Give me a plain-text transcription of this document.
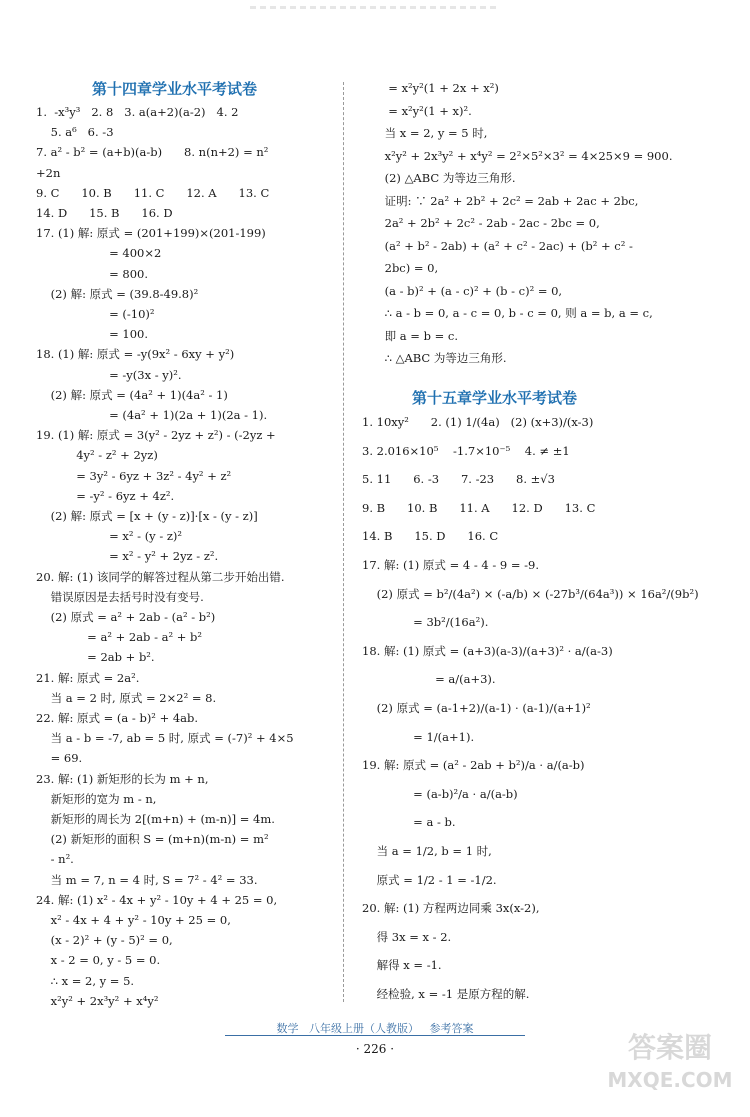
第十四章学业水平考试卷
1.  -x³y³   2. 8   3. a(a+2)(a-2)   4. 2
5. a⁶   6. -3
7. a² - b² = (a+b)(a-b)      8. n(n+2) = n²
+2n
9. C      10. B      11. C      12. A      13. C
14. D      15. B      16. D
17. (1) 解: 原式 = (201+199)×(201-199)
= 400×2
= 800.
(2) 解: 原式 = (39.8-49.8)²
= (-10)²
= 100.
18. (1) 解: 原式 = -y(9x² - 6xy + y²)
= -y(3x - y)².
(2) 解: 原式 = (4a² + 1)(4a² - 1)
= (4a² + 1)(2a + 1)(2a - 1).
19. (1) 解: 原式 = 3(y² - 2yz + z²) - (-2yz +
4y² - z² + 2yz)
= 3y² - 6yz + 3z² - 4y² + z²
= -y² - 6yz + 4z².
(2) 解: 原式 = [x + (y - z)]·[x - (y - z)]
= x² - (y - z)²
= x² - y² + 2yz - z².
20. 解: (1) 该同学的解答过程从第二步开始出错.
错误原因是去括号时没有变号.
(2) 原式 = a² + 2ab - (a² - b²)
= a² + 2ab - a² + b²
= 2ab + b².
21. 解: 原式 = 2a².
当 a = 2 时, 原式 = 2×2² = 8.
22. 解: 原式 = (a - b)² + 4ab.
当 a - b = -7, ab = 5 时, 原式 = (-7)² + 4×5
= 69.
23. 解: (1) 新矩形的长为 m + n,
新矩形的宽为 m - n,
新矩形的周长为 2[(m+n) + (m-n)] = 4m.
(2) 新矩形的面积 S = (m+n)(m-n) = m²
- n².
当 m = 7, n = 4 时, S = 7² - 4² = 33.
24. 解: (1) x² - 4x + y² - 10y + 4 + 25 = 0,
x² - 4x + 4 + y² - 10y + 25 = 0,
(x - 2)² + (y - 5)² = 0,
x - 2 = 0, y - 5 = 0.
∴ x = 2, y = 5.
x²y² + 2x³y² + x⁴y²
= x²y²(1 + 2x + x²)
= x²y²(1 + x)².
当 x = 2, y = 5 时,
x²y² + 2x³y² + x⁴y² = 2²×5²×3² = 4×25×9 = 900.
(2) △ABC 为等边三角形.
证明: ∵ 2a² + 2b² + 2c² = 2ab + 2ac + 2bc,
2a² + 2b² + 2c² - 2ab - 2ac - 2bc = 0,
(a² + b² - 2ab) + (a² + c² - 2ac) + (b² + c² -
2bc) = 0,
(a - b)² + (a - c)² + (b - c)² = 0,
∴ a - b = 0, a - c = 0, b - c = 0, 则 a = b, a = c,
即 a = b = c.
∴ △ABC 为等边三角形.
第十五章学业水平考试卷
1. 10xy²      2. (1) 1/(4a)   (2) (x+3)/(x-3)
3. 2.016×10⁵    -1.7×10⁻⁵    4. ≠ ±1
5. 11      6. -3      7. -23      8. ±√3
9. B      10. B      11. A      12. D      13. C
14. B      15. D      16. C
17. 解: (1) 原式 = 4 - 4 - 9 = -9.
(2) 原式 = b²/(4a²) × (-a/b) × (-27b³/(64a³)) × 16a²/(9b²)
= 3b²/(16a²).
18. 解: (1) 原式 = (a+3)(a-3)/(a+3)² · a/(a-3)
= a/(a+3).
(2) 原式 = (a-1+2)/(a-1) · (a-1)/(a+1)²
= 1/(a+1).
19. 解: 原式 = (a² - 2ab + b²)/a · a/(a-b)
= (a-b)²/a · a/(a-b)
= a - b.
当 a = 1/2, b = 1 时,
原式 = 1/2 - 1 = -1/2.
20. 解: (1) 方程两边同乘 3x(x-2),
得 3x = x - 2.
解得 x = -1.
经检验, x = -1 是原方程的解.
数学   八年级上册（人教版）   参考答案
· 226 ·	答案圈
MXQE.COM
